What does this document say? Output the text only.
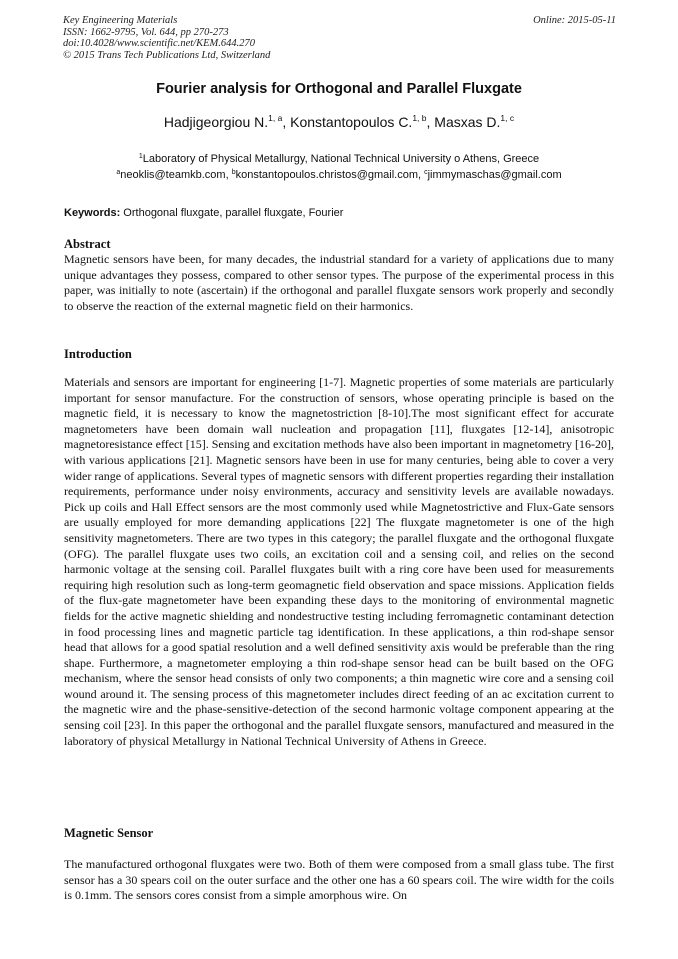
Key Engineering Materials
ISSN: 1662-9795, Vol. 644, pp 270-273
doi:10.4028/www.scientific.net/KEM.644.270
© 2015 Trans Tech Publications Ltd, Switzerland
Online: 2015-05-11
Fourier analysis for Orthogonal and Parallel Fluxgate
Hadjigeorgiou N.$^{1, a}$, Konstantopoulos C.$^{1, b}$, Masxas D.$^{1, c}$
$^1$Laboratory of Physical Metallurgy, National Technical University o Athens, Greece
$^a$neoklis@teamkb.com, $^b$konstantopoulos.christos@gmail.com, $^c$jimmymaschas@gmail.com
Keywords: Orthogonal fluxgate, parallel fluxgate, Fourier
Abstract
Magnetic sensors have been, for many decades, the industrial standard for a variety of applications due to many unique advantages they possess, compared to other sensor types. The purpose of the experimental process in this paper, was initially to note (ascertain) if the orthogonal and parallel fluxgate sensors work properly and secondly to observe the reaction of the external magnetic field on their harmonics.
Introduction
Materials and sensors are important for engineering [1-7]. Magnetic properties of some materials are particularly important for sensor manufacture. For the construction of sensors, whose operating principle is based on the magnetic field, it is necessary to know the magnetostriction [8-10].The most significant effect for accurate magnetometers have been domain wall nucleation and propagation [11], fluxgates [12-14], anisotropic magnetoresistance effect [15]. Sensing and excitation methods have also been important in magnetometry [16-20], with various applications [21]. Magnetic sensors have been in use for many centuries, being able to cover a very wider range of applications. Several types of magnetic sensors with different properties regarding their installation requirements, performance under noisy environments, accuracy and sensitivity levels are available nowadays. Pick up coils and Hall Effect sensors are the most commonly used while Magnetostrictive and Flux-Gate sensors are usually employed for more demanding applications [22] The fluxgate magnetometer is one of the high sensitivity magnetometers. There are two types in this category; the parallel fluxgate and the orthogonal fluxgate (OFG). The parallel fluxgate uses two coils, an excitation coil and a sensing coil, and relies on the second harmonic voltage at the sensing coil. Parallel fluxgates built with a ring core have been used for measurements requiring high resolution such as long-term geomagnetic field observation and space missions. Application fields of the flux-gate magnetometer have been expanding these days to the monitoring of environmental magnetic fields for the active magnetic shielding and nondestructive testing including ferromagnetic contaminant detection in food processing lines and magnetic particle tag identification. In these applications, a thin rod-shape sensor head that allows for a good spatial resolution and a well defined sensitivity axis would be preferable than the ring shape. Furthermore, a magnetometer employing a thin rod-shape sensor head can be built based on the OFG mechanism, where the sensor head consists of only two components; a thin magnetic wire core and a sensing coil wound around it. The sensing process of this magnetometer includes direct feeding of an ac excitation current to the magnetic wire and the phase-sensitive-detection of the second harmonic voltage component appearing at the sensing coil [23]. In this paper the orthogonal and the parallel fluxgate sensors, manufactured and measured in the laboratory of physical Metallurgy in National Technical University of Athens in Greece.
Magnetic Sensor
The manufactured orthogonal fluxgates were two. Both of them were composed from a small glass tube. The first sensor has a 30 spears coil on the outer surface and the other one has a 60 spears coil. The wire width for the coils is 0.1mm. The sensors cores consist from a simple amorphous wire. On
